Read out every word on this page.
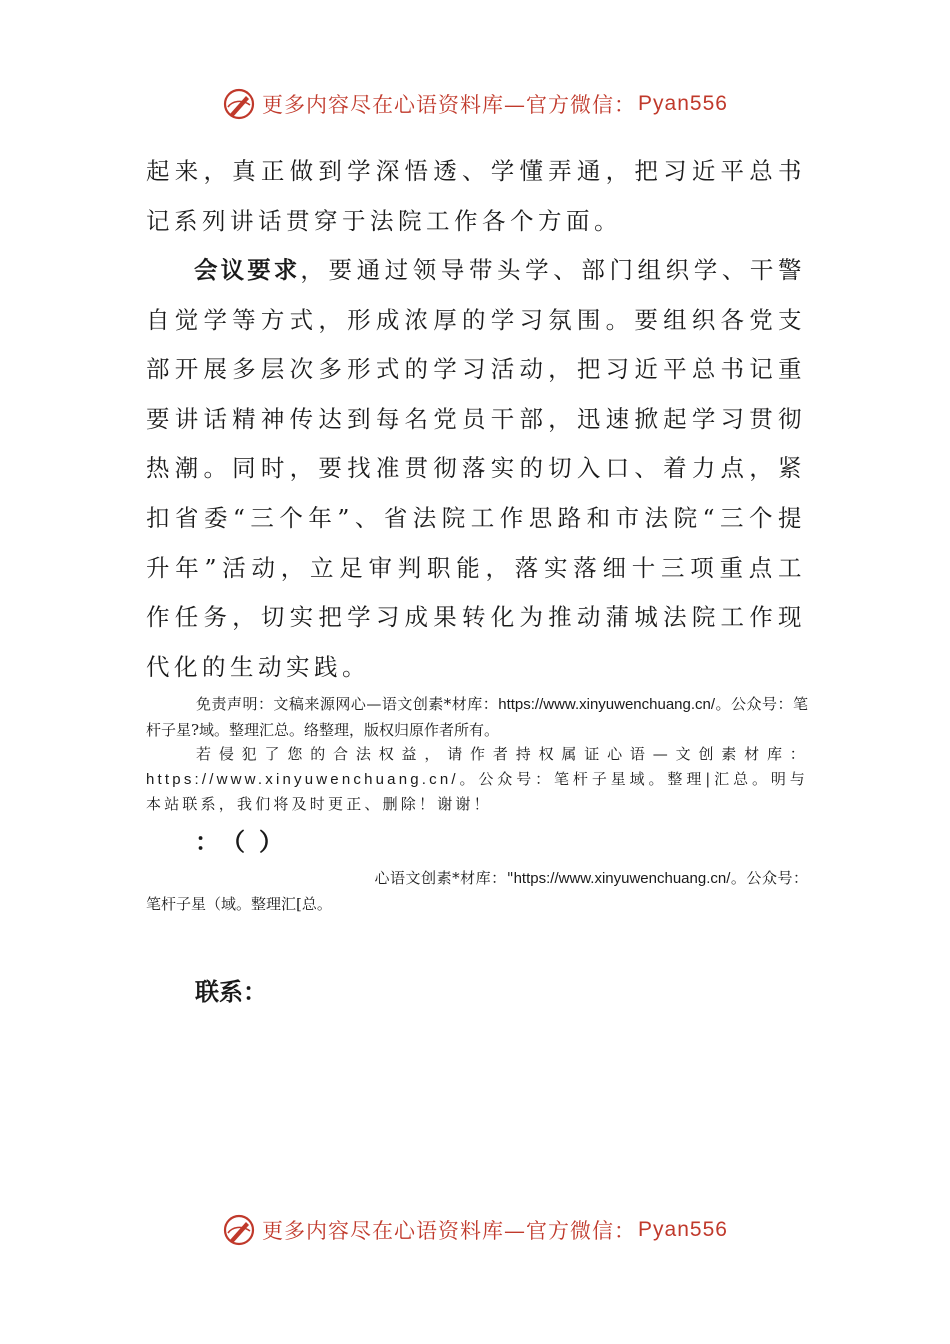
更多内容尽在心语资料库— 官方微信： Pyan556

起来，真正做到学深悟透、学懂弄通，把习近平总书记系列讲话贯穿于法院工作各个方面。

会议要求，要通过领导带头学、部门组织学、干警自觉学等方式，形成浓厚的学习氛围。要组织各党支部开展多层次多形式的学习活动，把习近平总书记重要讲话精神传达到每名党员干部，迅速掀起学习贯彻热潮。同时，要找准贯彻落实的切入口、着力点，紧扣省委“三个年”、省法院工作思路和市法院“三个提升年”活动，立足审判职能，落实落细十三项重点工作任务，切实把学习成果转化为推动蒲城法院工作现代化的生动实践。

免责声明：文稿来源网心—语文创素*材库：https://www.xinyuwenchuang.cn/。公众号：笔杆子星?域。整理汇总。络整理，版权归原作者所有。

若侵犯了您的合法权益，请作者持权属证心语—文创素材库：https://www.xinyuwenchuang.cn/。公众号：笔杆子星域。整理|汇总。明与本站联系，我们将及时更正、删除！谢谢！

：（）

心语文创素*材库："https://www.xinyuwenchuang.cn/。公众号：笔杆子星（域。整理汇[总。

联系：
更多内容尽在心语资料库— 官方微信： Pyan556
